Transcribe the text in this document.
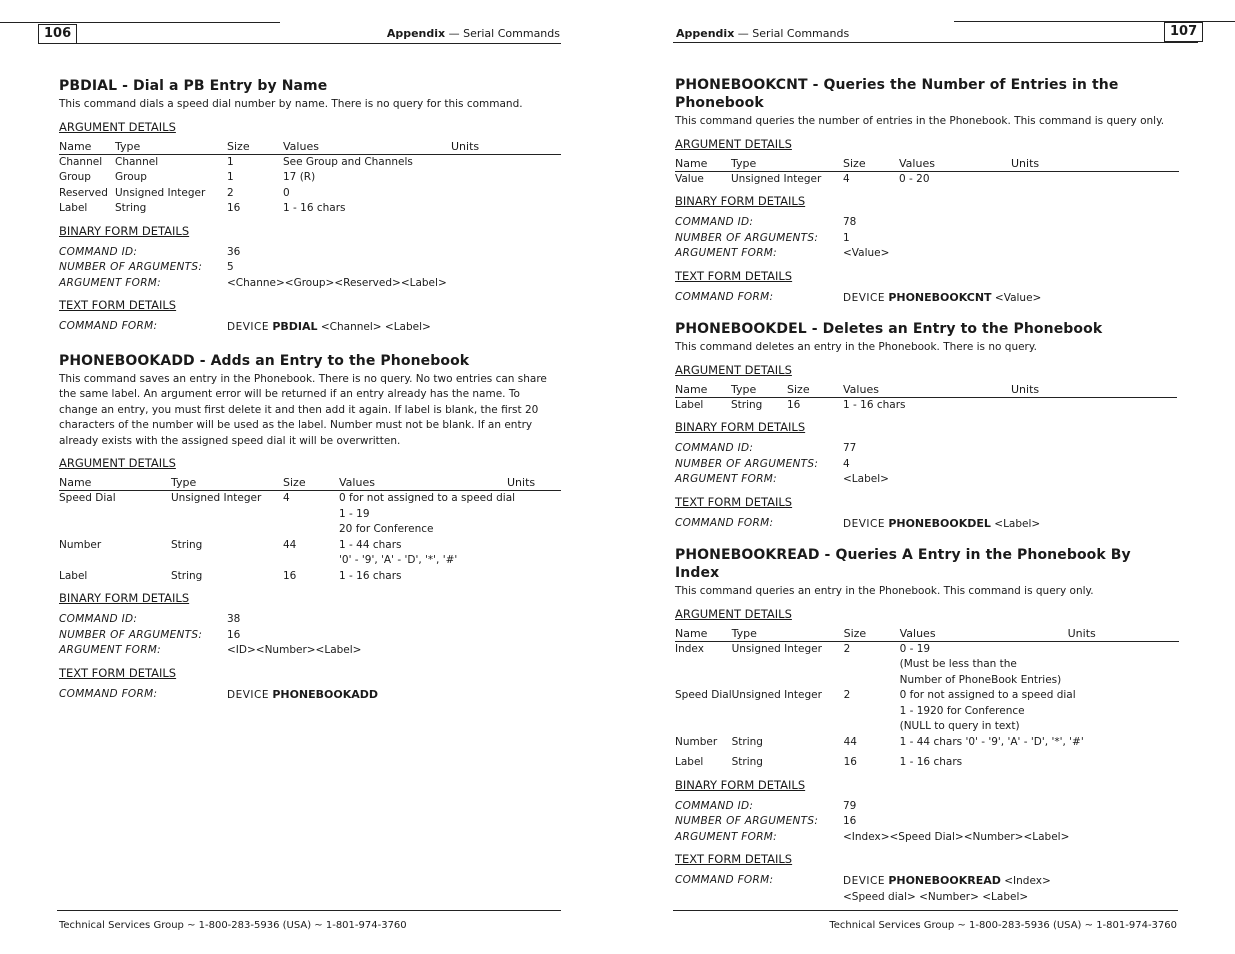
106	Appendix — Serial Commands
PBDIAL - Dial a PB Entry by Name

This command dials a speed dial number by name. There is no query for this command.

ARGUMENT DETAILS
Name	Type	Size	Values	Units
Channel	Channel	1	See Group and Channels	
Group	Group	1	17 (R)	
Reserved	Unsigned Integer	2	0	
Label	String	16	1 - 16 chars	
BINARY FORM DETAILS
COMMAND ID:	36
NUMBER OF ARGUMENTS:	5
ARGUMENT FORM:	<Channe><Group><Reserved><Label>
TEXT FORM DETAILS
COMMAND FORM:	DEVICE PBDIAL <Channel> <Label>
PHONEBOOKADD - Adds an Entry to the Phonebook

This command saves an entry in the Phonebook. There is no query. No two entries can share the same label. An argument error will be returned if an entry already has the name. To change an entry, you must first delete it and then add it again. If label is blank, the first 20 characters of the number will be used as the label. Number must not be blank. If an entry already exists with the assigned speed dial it will be overwritten.

ARGUMENT DETAILS
Name	Type	Size	Values	Units
Speed Dial	Unsigned Integer	4	0 for not assigned to a speed dial
1 - 19
20 for Conference	

Number	String	44	1 - 44 chars
'0' - '9', 'A' - 'D', '*', '#'	

Label	String	16	1 - 16 chars	
BINARY FORM DETAILS
COMMAND ID:	38
NUMBER OF ARGUMENTS:	16
ARGUMENT FORM:	<ID><Number><Label>
TEXT FORM DETAILS
COMMAND FORM:	DEVICE PHONEBOOKADD
Technical Services Group ~ 1-800-283-5936 (USA) ~ 1-801-974-3760
107
Appendix — Serial Commands
PHONEBOOKCNT - Queries the Number of Entries in the Phonebook

This command queries the number of entries in the Phonebook. This command is query only.

ARGUMENT DETAILS
Name	Type	Size	Values	Units
Value	Unsigned Integer	4	0 - 20	
BINARY FORM DETAILS
COMMAND ID:	78
NUMBER OF ARGUMENTS:	1
ARGUMENT FORM:	<Value>
TEXT FORM DETAILS
COMMAND FORM:	DEVICE PHONEBOOKCNT <Value>
PHONEBOOKDEL - Deletes an Entry to the Phonebook

This command deletes an entry in the Phonebook. There is no query.

ARGUMENT DETAILS
Name	Type	Size	Values	Units
Label	String	16	1 - 16 chars	
BINARY FORM DETAILS
COMMAND ID:	77
NUMBER OF ARGUMENTS:	4
ARGUMENT FORM:	<Label>
TEXT FORM DETAILS
COMMAND FORM:	DEVICE PHONEBOOKDEL <Label>
PHONEBOOKREAD - Queries A Entry in the Phonebook By Index

This command queries an entry in the Phonebook. This command is query only.

ARGUMENT DETAILS
Name	Type	Size	Values	Units
Index	Unsigned Integer	2	0 - 19
(Must be less than the
Number of PhoneBook Entries)	

Speed Dial	Unsigned Integer	2	0 for not assigned to a speed dial
1 - 1920 for Conference
(NULL to query in text)	

Number	String	44	1 - 44 chars '0' - '9', 'A' - 'D', '*', '#'	

Label	String	16	1 - 16 chars	
BINARY FORM DETAILS
COMMAND ID:	79
NUMBER OF ARGUMENTS:	16
ARGUMENT FORM:	<Index><Speed Dial><Number><Label>
TEXT FORM DETAILS
COMMAND FORM:	DEVICE PHONEBOOKREAD <Index>
<Speed dial> <Number> <Label>
Technical Services Group ~ 1-800-283-5936 (USA) ~ 1-801-974-3760
